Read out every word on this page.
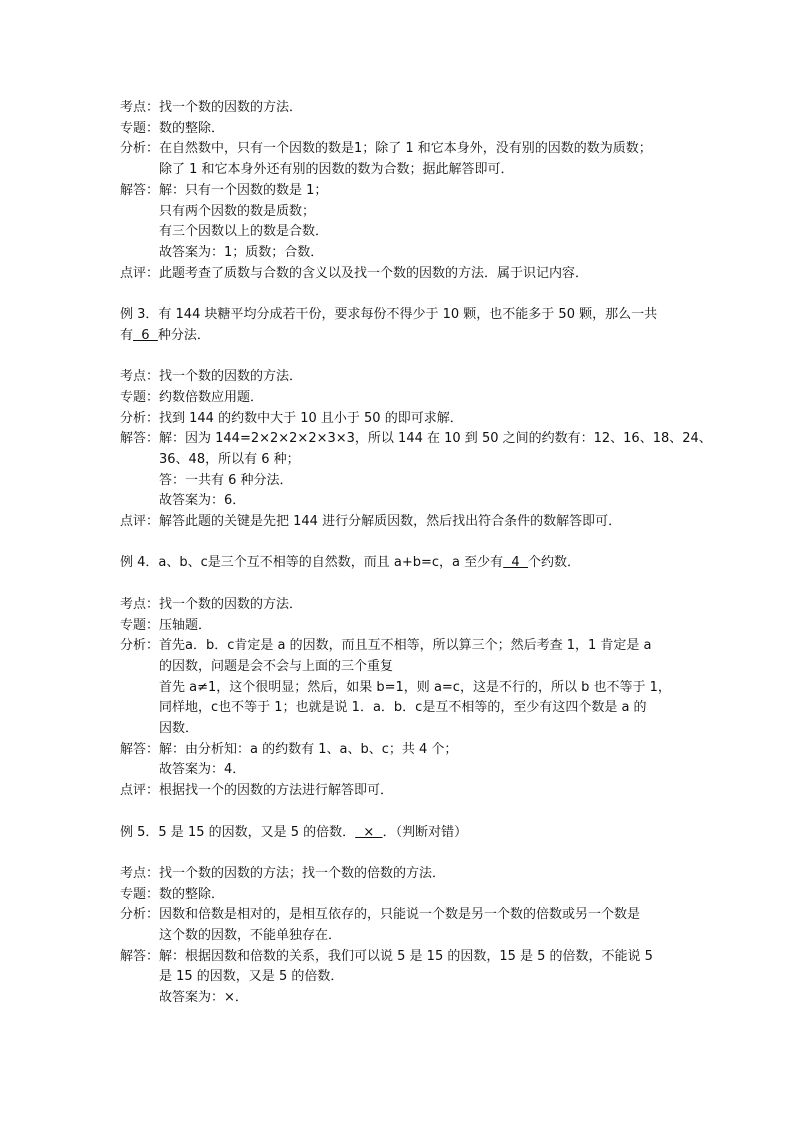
考点： 找一个数的因数的方法．
专题： 数的整除．
分析： 在自然数中，只有一个因数的数是1；除了 1 和它本身外，没有别的因数的数为质数；
除了 1 和它本身外还有别的因数的数为合数；据此解答即可．
解答： 解：只有一个因数的数是 1；
只有两个因数的数是质数；
有三个因数以上的数是合数．
故答案为：1；质数；合数．
点评： 此题考查了质数与合数的含义以及找一个数的因数的方法．属于识记内容．
例 3．有 144 块糖平均分成若干份，要求每份不得少于 10 颗，也不能多于 50 颗，那么一共
有  6  种分法．
考点： 找一个数的因数的方法．
专题： 约数倍数应用题．
分析： 找到 144 的约数中大于 10 且小于 50 的即可求解．
解答： 解：因为 144=2×2×2×2×3×3，所以 144 在 10 到 50 之间的约数有：12、16、18、24、
36、48，所以有 6 种；
答：一共有 6 种分法．
故答案为：6．
点评： 解答此题的关键是先把 144 进行分解质因数，然后找出符合条件的数解答即可．
例 4．a、b、c是三个互不相等的自然数，而且 a+b=c，a 至少有  4  个约数．
考点： 找一个数的因数的方法．
专题： 压轴题．
分析： 首先a．b．c肯定是 a 的因数，而且互不相等，所以算三个；然后考查 1，1 肯定是 a
的因数，问题是会不会与上面的三个重复
首先 a≠1，这个很明显；然后，如果 b=1，则 a=c，这是不行的，所以 b 也不等于 1，
同样地，c也不等于 1；也就是说 1．a．b．c是互不相等的，至少有这四个数是 a 的
因数．
解答： 解：由分析知：a 的约数有 1、a、b、c；共 4 个；
故答案为：4．
点评： 根据找一个的因数的方法进行解答即可．
例 5．5 是 15 的因数，又是 5 的倍数．  ×  ．（判断对错）
考点： 找一个数的因数的方法；找一个数的倍数的方法．
专题： 数的整除．
分析： 因数和倍数是相对的，是相互依存的，只能说一个数是另一个数的倍数或另一个数是
这个数的因数，不能单独存在．
解答： 解：根据因数和倍数的关系，我们可以说 5 是 15 的因数，15 是 5 的倍数，不能说 5
是 15 的因数，又是 5 的倍数．
故答案为：×．
